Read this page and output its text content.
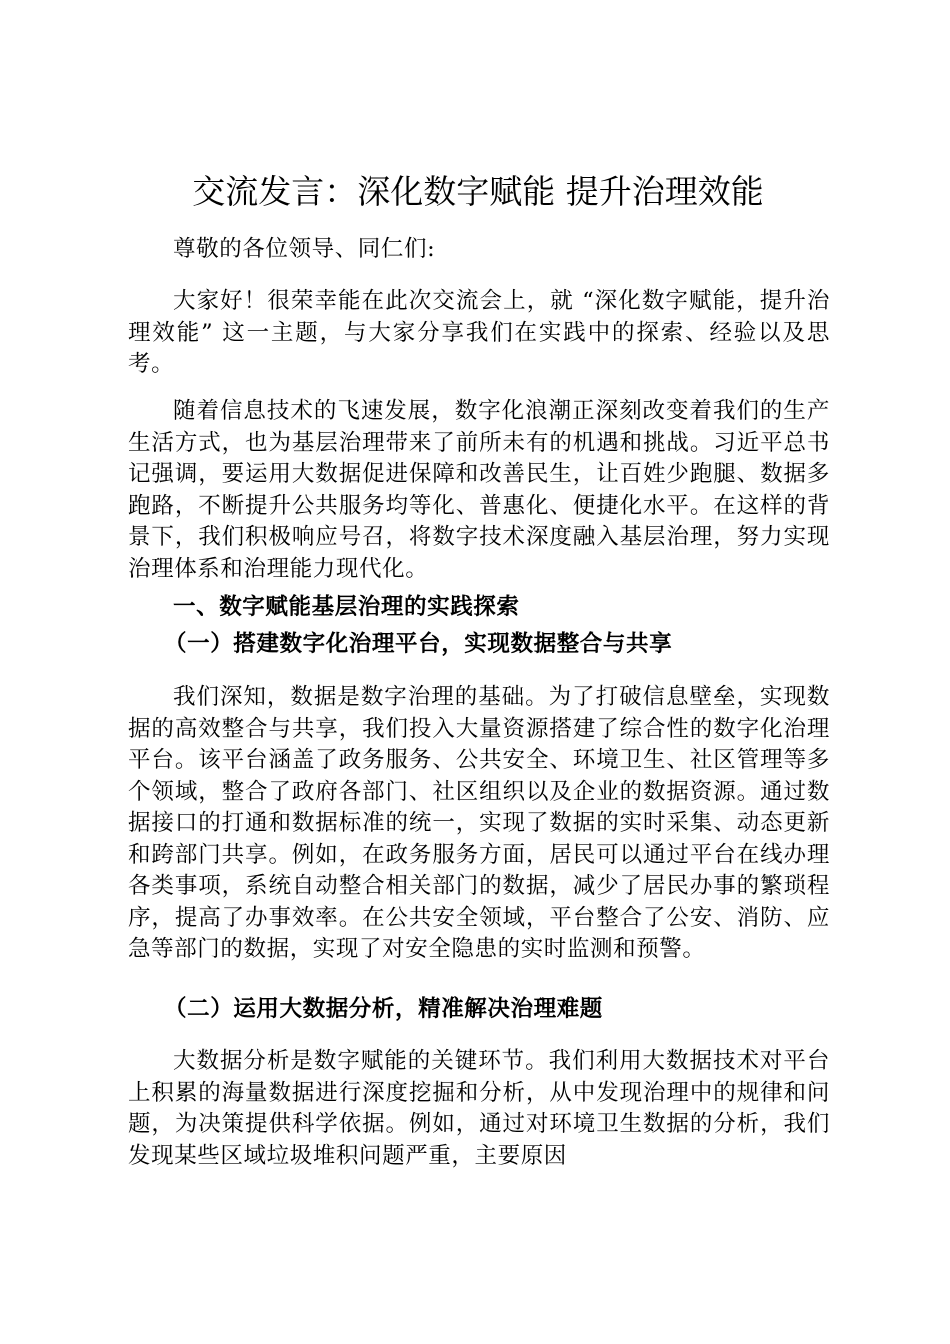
交流发言：深化数字赋能 提升治理效能

尊敬的各位领导、同仁们:

大家好！很荣幸能在此次交流会上，就 “深化数字赋能，提升治理效能” 这一主题，与大家分享我们在实践中的探索、经验以及思考。

随着信息技术的飞速发展，数字化浪潮正深刻改变着我们的生产生活方式，也为基层治理带来了前所未有的机遇和挑战。习近平总书记强调，要运用大数据促进保障和改善民生，让百姓少跑腿、数据多跑路，不断提升公共服务均等化、普惠化、便捷化水平。在这样的背景下，我们积极响应号召，将数字技术深度融入基层治理，努力实现治理体系和治理能力现代化。

一、数字赋能基层治理的实践探索
（一）搭建数字化治理平台，实现数据整合与共享

我们深知，数据是数字治理的基础。为了打破信息壁垒，实现数据的高效整合与共享，我们投入大量资源搭建了综合性的数字化治理平台。该平台涵盖了政务服务、公共安全、环境卫生、社区管理等多个领域，整合了政府各部门、社区组织以及企业的数据资源。通过数据接口的打通和数据标准的统一，实现了数据的实时采集、动态更新和跨部门共享。例如，在政务服务方面，居民可以通过平台在线办理各类事项，系统自动整合相关部门的数据，减少了居民办事的繁琐程序，提高了办事效率。在公共安全领域，平台整合了公安、消防、应急等部门的数据，实现了对安全隐患的实时监测和预警。

（二）运用大数据分析，精准解决治理难题

大数据分析是数字赋能的关键环节。我们利用大数据技术对平台上积累的海量数据进行深度挖掘和分析，从中发现治理中的规律和问题，为决策提供科学依据。例如，通过对环境卫生数据的分析，我们发现某些区域垃圾堆积问题严重，主要原因
